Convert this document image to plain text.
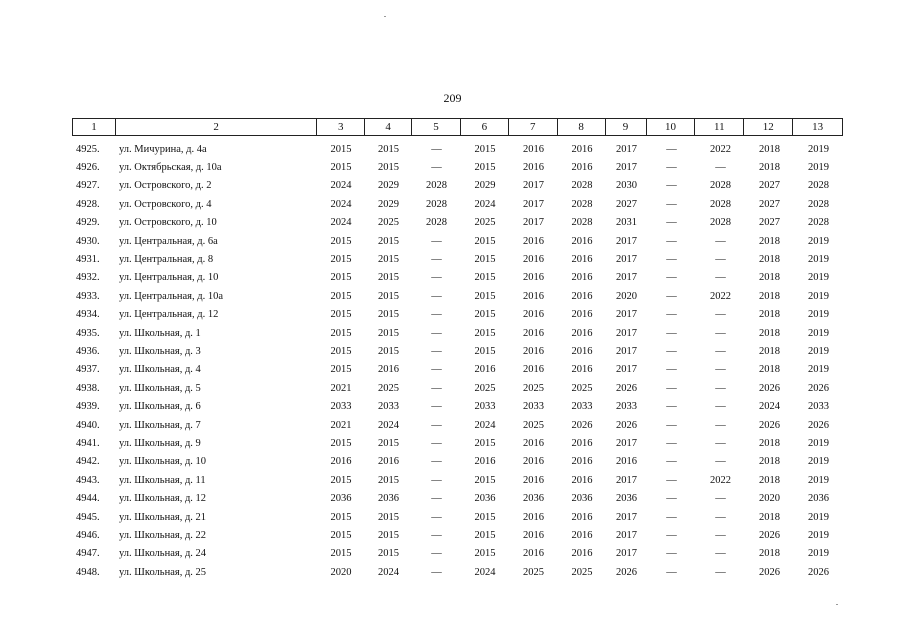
209
1	2	3	4	5	6	7	8	9	10	11	12	13
4925.	ул. Мичурина, д. 4а	2015	2015	—	2015	2016	2016	2017	—	2022	2018	2019
4926.	ул. Октябрьская, д. 10а	2015	2015	—	2015	2016	2016	2017	—	—	2018	2019
4927.	ул. Островского, д. 2	2024	2029	2028	2029	2017	2028	2030	—	2028	2027	2028
4928.	ул. Островского, д. 4	2024	2029	2028	2024	2017	2028	2027	—	2028	2027	2028
4929.	ул. Островского, д. 10	2024	2025	2028	2025	2017	2028	2031	—	2028	2027	2028
4930.	ул. Центральная, д. 6а	2015	2015	—	2015	2016	2016	2017	—	—	2018	2019
4931.	ул. Центральная, д. 8	2015	2015	—	2015	2016	2016	2017	—	—	2018	2019
4932.	ул. Центральная, д. 10	2015	2015	—	2015	2016	2016	2017	—	—	2018	2019
4933.	ул. Центральная, д. 10а	2015	2015	—	2015	2016	2016	2020	—	2022	2018	2019
4934.	ул. Центральная, д. 12	2015	2015	—	2015	2016	2016	2017	—	—	2018	2019
4935.	ул. Школьная, д. 1	2015	2015	—	2015	2016	2016	2017	—	—	2018	2019
4936.	ул. Школьная, д. 3	2015	2015	—	2015	2016	2016	2017	—	—	2018	2019
4937.	ул. Школьная, д. 4	2015	2016	—	2016	2016	2016	2017	—	—	2018	2019
4938.	ул. Школьная, д. 5	2021	2025	—	2025	2025	2025	2026	—	—	2026	2026
4939.	ул. Школьная, д. 6	2033	2033	—	2033	2033	2033	2033	—	—	2024	2033
4940.	ул. Школьная, д. 7	2021	2024	—	2024	2025	2026	2026	—	—	2026	2026
4941.	ул. Школьная, д. 9	2015	2015	—	2015	2016	2016	2017	—	—	2018	2019
4942.	ул. Школьная, д. 10	2016	2016	—	2016	2016	2016	2016	—	—	2018	2019
4943.	ул. Школьная, д. 11	2015	2015	—	2015	2016	2016	2017	—	2022	2018	2019
4944.	ул. Школьная, д. 12	2036	2036	—	2036	2036	2036	2036	—	—	2020	2036
4945.	ул. Школьная, д. 21	2015	2015	—	2015	2016	2016	2017	—	—	2018	2019
4946.	ул. Школьная, д. 22	2015	2015	—	2015	2016	2016	2017	—	—	2026	2019
4947.	ул. Школьная, д. 24	2015	2015	—	2015	2016	2016	2017	—	—	2018	2019
4948.	ул. Школьная, д. 25	2020	2024	—	2024	2025	2025	2026	—	—	2026	2026
